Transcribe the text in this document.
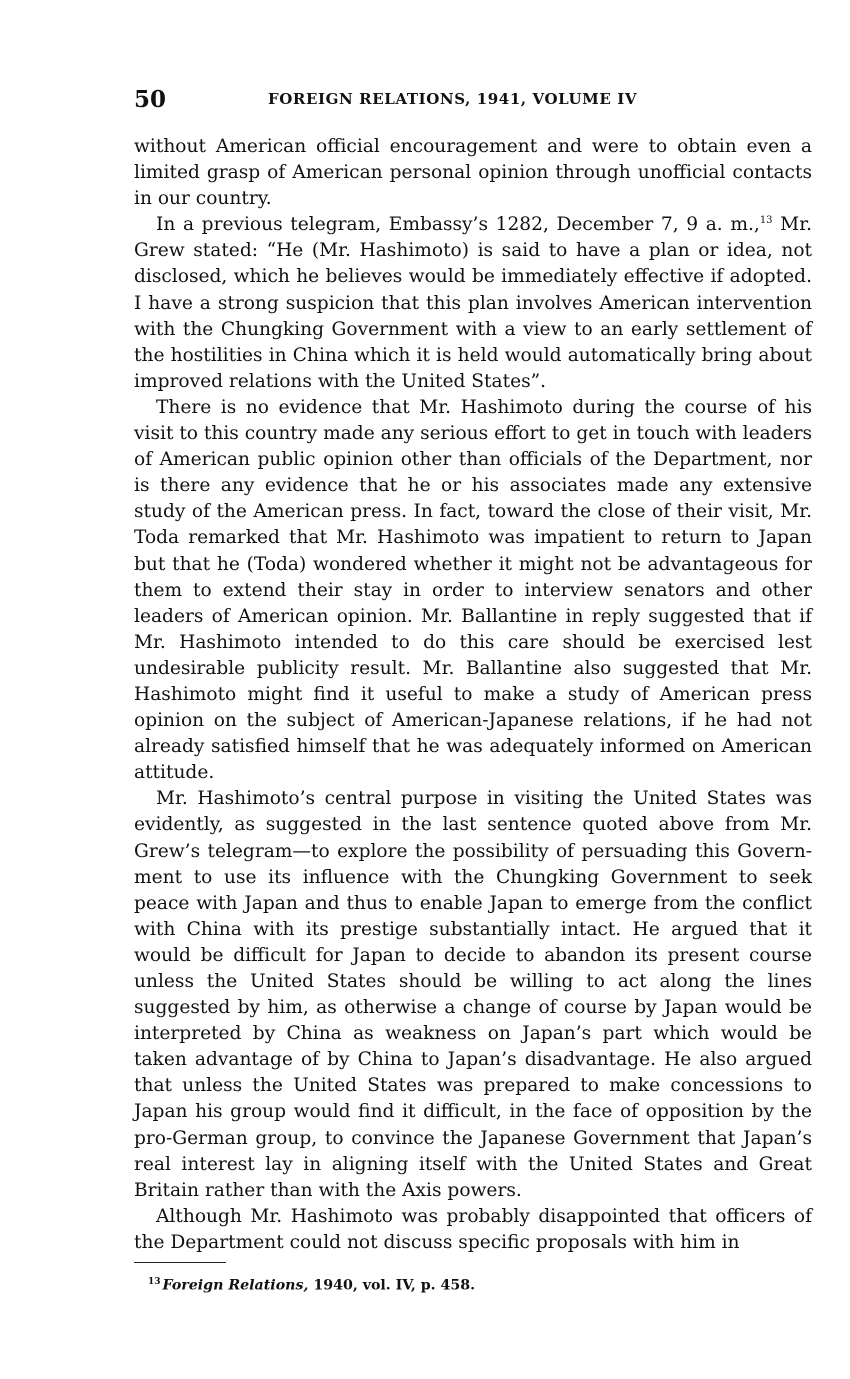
50	FOREIGN RELATIONS, 1941, VOLUME IV

without American official encouragement and were to obtain even a limited grasp of American personal opinion through unofficial contacts in our country.

In a previous telegram, Embassy’s 1282, December 7, 9 a. m.,$^{13}$ Mr. Grew stated: “He (Mr. Hashimoto) is said to have a plan or idea, not disclosed, which he believes would be immediately effective if adopted. I have a strong suspicion that this plan involves American intervention with the Chungking Government with a view to an early settlement of the hostilities in China which it is held would automatically bring about improved relations with the United States”.

There is no evidence that Mr. Hashimoto during the course of his visit to this country made any serious effort to get in touch with leaders of American public opinion other than officials of the Department, nor is there any evidence that he or his associates made any extensive study of the American press. In fact, toward the close of their visit, Mr. Toda remarked that Mr. Hashimoto was impatient to return to Japan but that he (Toda) wondered whether it might not be advantageous for them to extend their stay in order to interview senators and other leaders of American opinion. Mr. Ballantine in reply suggested that if Mr. Hashimoto intended to do this care should be exercised lest undesirable publicity result. Mr. Ballantine also suggested that Mr. Hashimoto might find it useful to make a study of American press opinion on the subject of American-Japanese relations, if he had not already satisfied himself that he was adequately informed on American attitude.

Mr. Hashimoto’s central purpose in visiting the United States was evidently, as suggested in the last sentence quoted above from Mr. Grew’s telegram—to explore the possibility of persuading this Government to use its influence with the Chungking Government to seek peace with Japan and thus to enable Japan to emerge from the conflict with China with its prestige substantially intact. He argued that it would be difficult for Japan to decide to abandon its present course unless the United States should be willing to act along the lines suggested by him, as otherwise a change of course by Japan would be interpreted by China as weakness on Japan’s part which would be taken advantage of by China to Japan’s disadvantage. He also argued that unless the United States was prepared to make concessions to Japan his group would find it difficult, in the face of opposition by the pro-German group, to convince the Japanese Government that Japan’s real interest lay in aligning itself with the United States and Great Britain rather than with the Axis powers.

Although Mr. Hashimoto was probably disappointed that officers of the Department could not discuss specific proposals with him in

$^{13}$ Foreign Relations, 1940, vol. IV, p. 458.
